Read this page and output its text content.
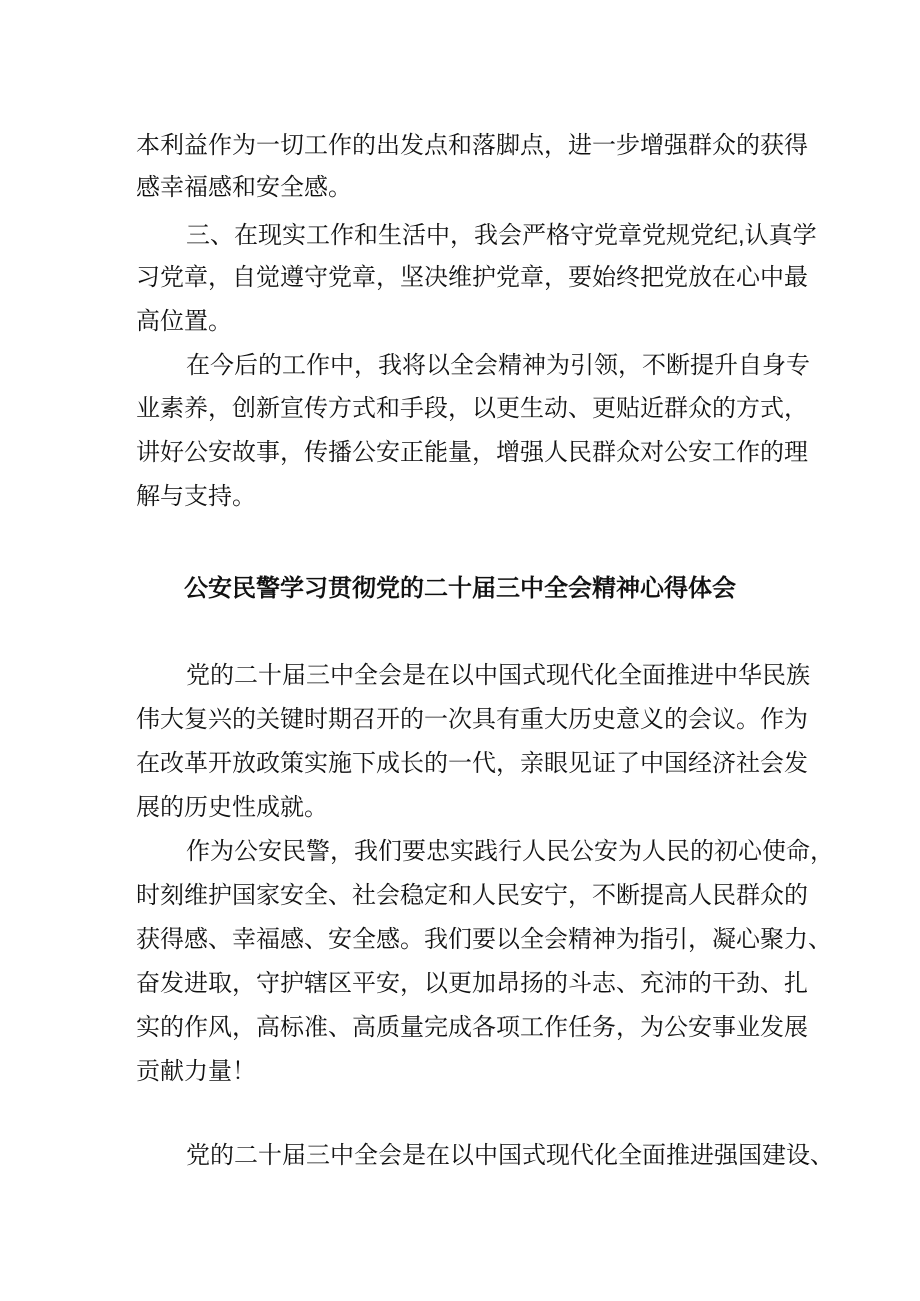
本利益作为一切工作的出发点和落脚点，进一步增强群众的获得

感幸福感和安全感。

三、在现实工作和生活中，我会严格守党章党规党纪,认真学

习党章，自觉遵守党章，坚决维护党章，要始终把党放在心中最

高位置。

在今后的工作中，我将以全会精神为引领，不断提升自身专

业素养，创新宣传方式和手段，以更生动、更贴近群众的方式，

讲好公安故事，传播公安正能量，增强人民群众对公安工作的理

解与支持。

公安民警学习贯彻党的二十届三中全会精神心得体会

党的二十届三中全会是在以中国式现代化全面推进中华民族

伟大复兴的关键时期召开的一次具有重大历史意义的会议。作为

在改革开放政策实施下成长的一代，亲眼见证了中国经济社会发

展的历史性成就。

作为公安民警，我们要忠实践行人民公安为人民的初心使命，

时刻维护国家安全、社会稳定和人民安宁，不断提高人民群众的

获得感、幸福感、安全感。我们要以全会精神为指引，凝心聚力、

奋发进取，守护辖区平安，以更加昂扬的斗志、充沛的干劲、扎

实的作风，高标准、高质量完成各项工作任务，为公安事业发展

贡献力量！

党的二十届三中全会是在以中国式现代化全面推进强国建设、
